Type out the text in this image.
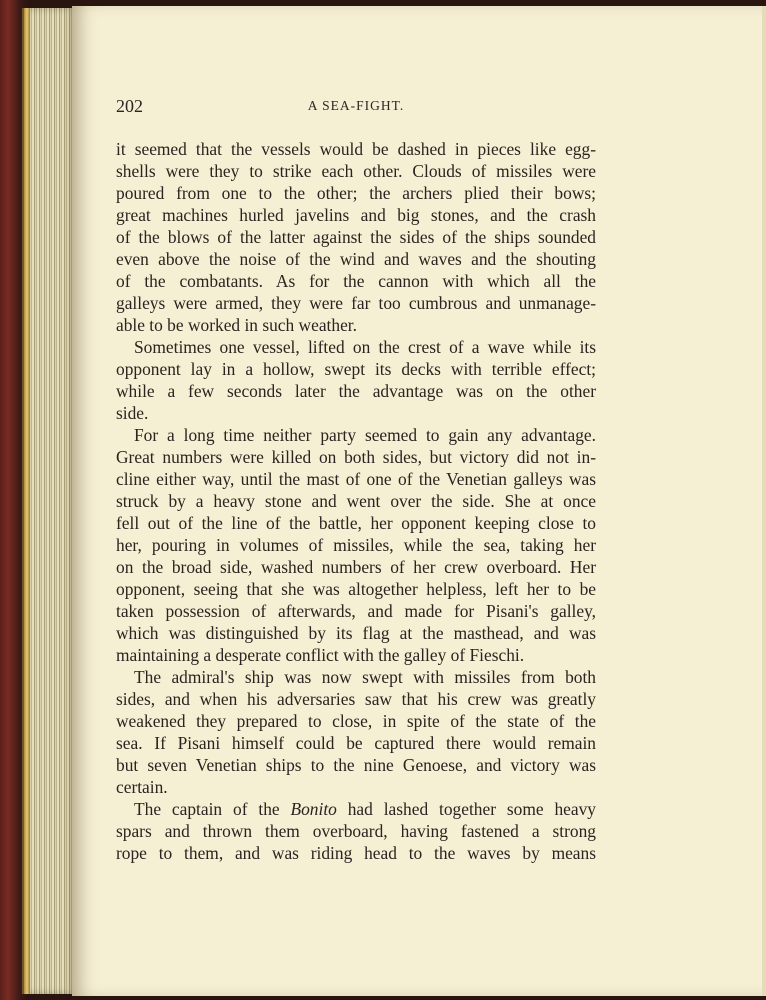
202	A SEA-FIGHT.
it seemed that the vessels would be dashed in pieces like egg-
shells were they to strike each other. Clouds of missiles were
poured from one to the other; the archers plied their bows;
great machines hurled javelins and big stones, and the crash
of the blows of the latter against the sides of the ships sounded
even above the noise of the wind and waves and the shouting
of the combatants. As for the cannon with which all the
galleys were armed, they were far too cumbrous and unmanage-
able to be worked in such weather.
Sometimes one vessel, lifted on the crest of a wave while its
opponent lay in a hollow, swept its decks with terrible effect;
while a few seconds later the advantage was on the other
side.
For a long time neither party seemed to gain any advantage.
Great numbers were killed on both sides, but victory did not in-
cline either way, until the mast of one of the Venetian galleys was
struck by a heavy stone and went over the side. She at once
fell out of the line of the battle, her opponent keeping close to
her, pouring in volumes of missiles, while the sea, taking her
on the broad side, washed numbers of her crew overboard. Her
opponent, seeing that she was altogether helpless, left her to be
taken possession of afterwards, and made for Pisani's galley,
which was distinguished by its flag at the masthead, and was
maintaining a desperate conflict with the galley of Fieschi.
The admiral's ship was now swept with missiles from both
sides, and when his adversaries saw that his crew was greatly
weakened they prepared to close, in spite of the state of the
sea. If Pisani himself could be captured there would remain
but seven Venetian ships to the nine Genoese, and victory was
certain.
The captain of the Bonito had lashed together some heavy
spars and thrown them overboard, having fastened a strong
rope to them, and was riding head to the waves by means
